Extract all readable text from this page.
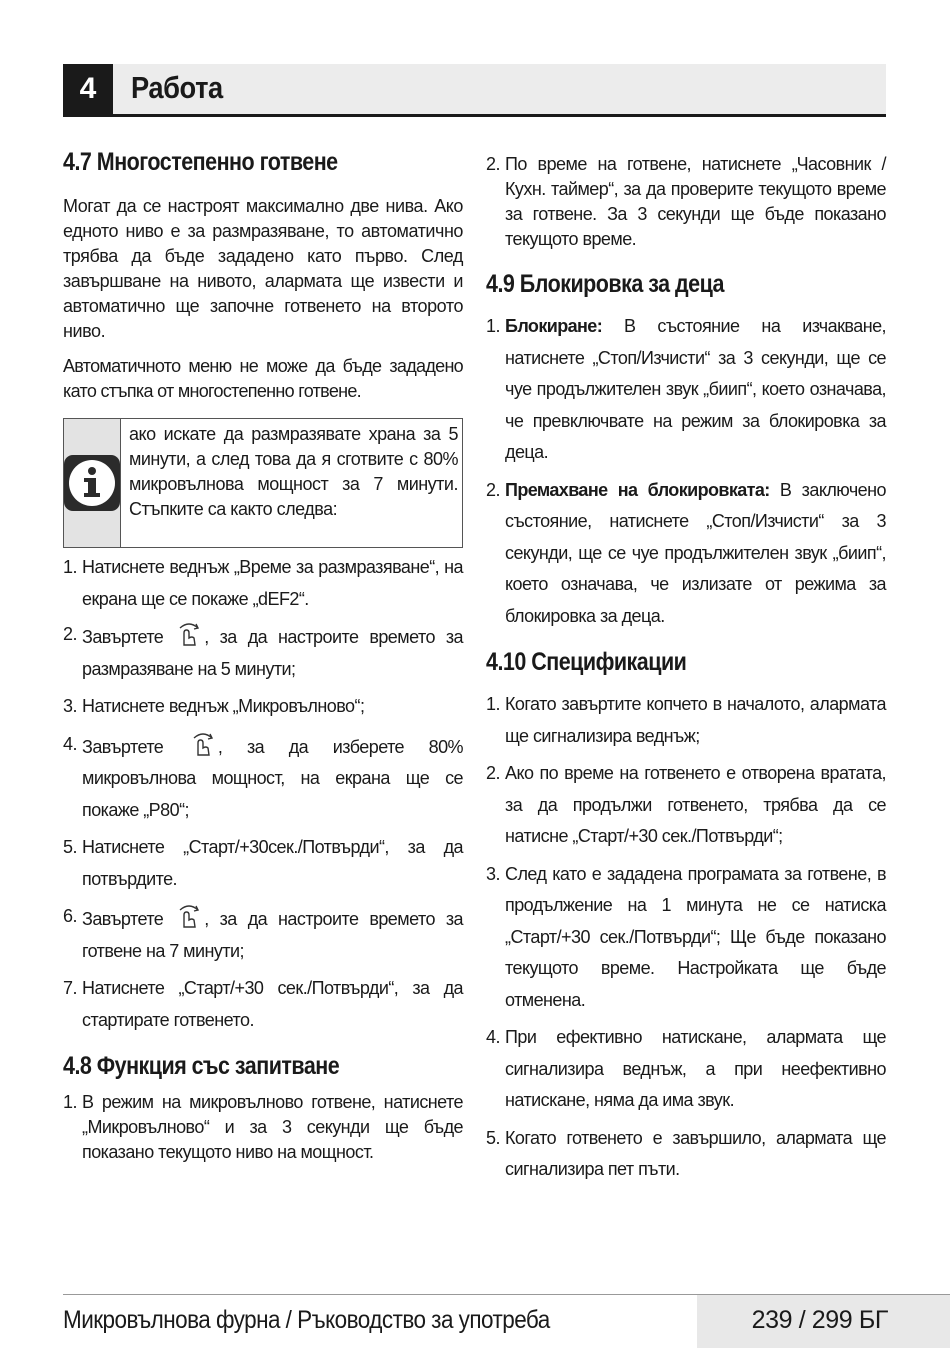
4	Работа
4.7 Многостепенно готвене

Могат да се настроят максимално две нива. Ако едното ниво е за размразяване, то автоматично трябва да бъде зададено като първо. След завършване на нивото, алармата ще извести и автоматично ще започне готвенето на второто ниво.

Автоматичното меню не може да бъде зададено като стъпка от многостепенно готвене.

ако искате да размразявате храна за 5 минути, а след това да я сготвите с 80% микровълнова мощност за 7 минути. Стъпките са както следва:
1. Натиснете веднъж „Време за размразяване“, на екрана ще се покаже „dEF2“.
2. Завъртете , за да настроите времето за размразяване на 5 минути;
3. Натиснете веднъж „Микровълново“;
4. Завъртете	, за да изберете 80% микровълнова мощност, на екрана ще се покаже „P80“;
5. Натиснете „Старт/+30сек./Потвърди“, за да потвърдите.
6. Завъртете , за да настроите времето за готвене на 7 минути;
7. Натиснете „Старт/+30 сек./Потвърди“, за да стартирате готвенето.
4.8 Функция със запитване
1. В режим на микровълново готвене, натиснете „Микровълново“ и за 3 секунди ще бъде показано текущото ниво на мощност.
2. По време на готвене, натиснете „Часовник /Кухн. таймер“, за да проверите текущото време за готвене. За 3 секунди ще бъде показано текущото време.
4.9 Блокировка за деца
1. Блокиране: В състояние на изчакване, натиснете „Стоп/Изчисти“ за 3 секунди, ще се чуе продължителен звук „биип“, което означава, че превключвате на режим за блокировка за деца.
2. Премахване на блокировката: В заключено състояние, натиснете „Стоп/Изчисти“ за 3 секунди, ще се чуе продължителен звук „биип“, което означава, че излизате от режима за блокировка за деца.
4.10 Спецификации
1. Когато завъртите копчето в началото, алармата ще сигнализира веднъж;
2. Ако по време на готвенето е отворена вратата, за да продължи готвенето, трябва да се натисне „Старт/+30 сек./Потвърди“;
3. След като е зададена програмата за готвене, в продължение на 1 минута не се натиска „Старт/+30 сек./Потвърди“; Ще бъде показано текущото време. Настройката ще бъде отменена.
4. При ефективно натискане, алармата ще сигнализира веднъж, а при неефективно натискане, няма да има звук.
5. Когато готвенето е завършило, алармата ще сигнализира пет пъти.
Микровълнова фурна / Ръководство за употреба	239 / 299 БГ
